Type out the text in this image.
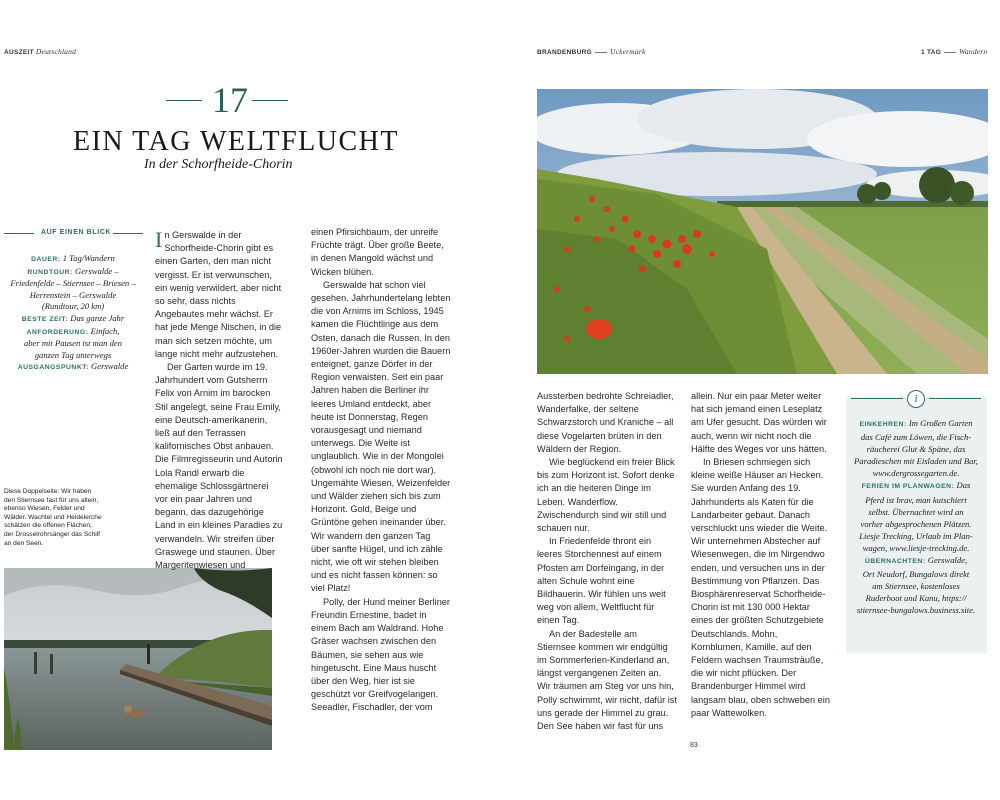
AUSZEIT Deutschland	BRANDENBURG Uckermark	1 TAG Wandern
17
EIN TAG WELTFLUCHT
In der Schorfheide-Chorin
AUF EINEN BLICK
DAUER: 1 Tag/Wandern
RUNDTOUR: Gerswalde –
Friedenfelde – Stiernsee – Briesen –
Herrenstein – Gerswalde
(Rundtour, 20 km)
BESTE ZEIT: Das ganze Jahr
ANFORDERUNG: Einfach,
aber mit Pausen ist man den
ganzen Tag unterwegs
AUSGANGSPUNKT: Gerswalde
Diese Doppelseite: Wir haben
den Stiernsee fast für uns allein,
ebenso Wiesen, Felder und
Wälder. Wachtel und Heidelerche
schätzen die offenen Flächen,
der Drosselrohrsänger das Schilf
an den Seen.

In Gerswalde in der Schorfheide-Chorin gibt es einen Garten, den man nicht vergisst. Er ist verwunschen, ein wenig verwildert, aber nicht so sehr, dass nichts Angebautes mehr wächst. Er hat jede Menge Nischen, in die man sich setzen möchte, um lange nicht mehr aufzustehen.

Der Garten wurde im 19. Jahrhundert vom Gutsherrn Felix von Arnim im barocken Stil angelegt, seine Frau Emily, eine Deutsch-amerikanerin, ließ auf den Terrassen kalifornisches Obst anbauen. Die Filmregisseurin und Autorin Lola Randl erwarb die ehemalige Schlossgärtnerei vor ein paar Jahren und begann, das dazugehörige Land in ein kleines Paradies zu verwandeln. Wir streifen über Graswege und staunen. Über Margeritenwiesen und

einen Pfirsichbaum, der unreife Früchte trägt. Über große Beete, in denen Mangold wächst und Wicken blühen.

Gerswalde hat schon viel gesehen. Jahrhundertelang lebten die von Arnims im Schloss, 1945 kamen die Flüchtlinge aus dem Osten, danach die Russen. In den 1960er-Jahren wurden die Bauern enteignet, ganze Dörfer in der Region verwaisten. Seit ein paar Jahren haben die Berliner ihr leeres Umland entdeckt, aber heute ist Donnerstag, Regen vorausgesagt und niemand unterwegs. Die Weite ist unglaublich. Wie in der Mongolei (obwohl ich noch nie dort war). Ungemähte Wiesen, Weizenfelder und Wälder ziehen sich bis zum Horizont. Gold, Beige und Grüntöne gehen ineinander über. Wir wandern den ganzen Tag über sanfte Hügel, und ich zähle nicht, wie oft wir stehen bleiben und es nicht fassen können: so viel Platz!

Polly, der Hund meiner Berliner Freundin Ernestine, badet in einem Bach am Waldrand. Hohe Gräser wachsen zwischen den Bäumen, sie sehen aus wie hingetuscht. Eine Maus huscht über den Weg, hier ist sie geschützt vor Greifvogelangen. Seeadler, Fischadler, der vom

Aussterben bedrohte Schreiadler, Wanderfalke, der seltene Schwarzstorch und Kraniche – all diese Vogelarten brüten in den Wäldern der Region.

Wie beglückend ein freier Blick bis zum Horizont ist. Sofort denke ich an die heiteren Dinge im Leben. Wanderflow. Zwischendurch sind wir still und schauen nur.

In Friedenfelde thront ein leeres Storchennest auf einem Pfosten am Dorfeingang, in der alten Schule wohnt eine Bildhauerin. Wir fühlen uns weit weg von allem, Weltflucht für einen Tag.

An der Badestelle am Stiernsee kommen wir endgültig im Sommerferien-Kinderland an, längst vergangenen Zeiten an. Wir träumen am Steg vor uns hin, Polly schwimmt, wir nicht, dafür ist uns gerade der Himmel zu grau. Den See haben wir fast für uns

allein. Nur ein paar Meter weiter hat sich jemand einen Leseplatz am Ufer gesucht. Das würden wir auch, wenn wir nicht noch die Hälfte des Weges vor uns hätten.

In Briesen schmiegen sich kleine weiße Häuser an Hecken. Sie wurden Anfang des 19. Jahrhunderts als Katen für die Landarbeiter gebaut. Danach verschluckt uns wieder die Weite. Wir unternehmen Abstecher auf Wiesenwegen, die im Nirgendwo enden, und versuchen uns in der Bestimmung von Pflanzen. Das Biosphärenreservat Schorfheide-Chorin ist mit 130 000 Hektar eines der größten Schutzgebiete Deutschlands. Mohn, Kornblumen, Kamille, auf den Feldern wachsen Traumsträuße, die wir nicht pflücken. Der Brandenburger Himmel wird langsam blau, oben schweben ein paar Wattewolken.

i
EINKEHREN: Im Großen Garten
das Café zum Löwen, die Fisch-
räucherei Glut & Späne, das
Paradieschen mit Eisladen und Bar,
www.dergrossegarten.de.
FERIEN IM PLANWAGEN: Das
Pferd ist brav, man kutschiert
selbst. Übernachtet wird an
vorher abgesprochenen Plätzen.
Liesje Trecking, Urlaub im Plan-
wagen, www.liesje-trecking.de.
ÜBERNACHTEN: Gerswalde,
Ort Neudorf, Bungalows direkt
am Stiernsee, kostenloses
Ruderboot und Kanu, https://
stiernsee-bungalows.business.site.
83
